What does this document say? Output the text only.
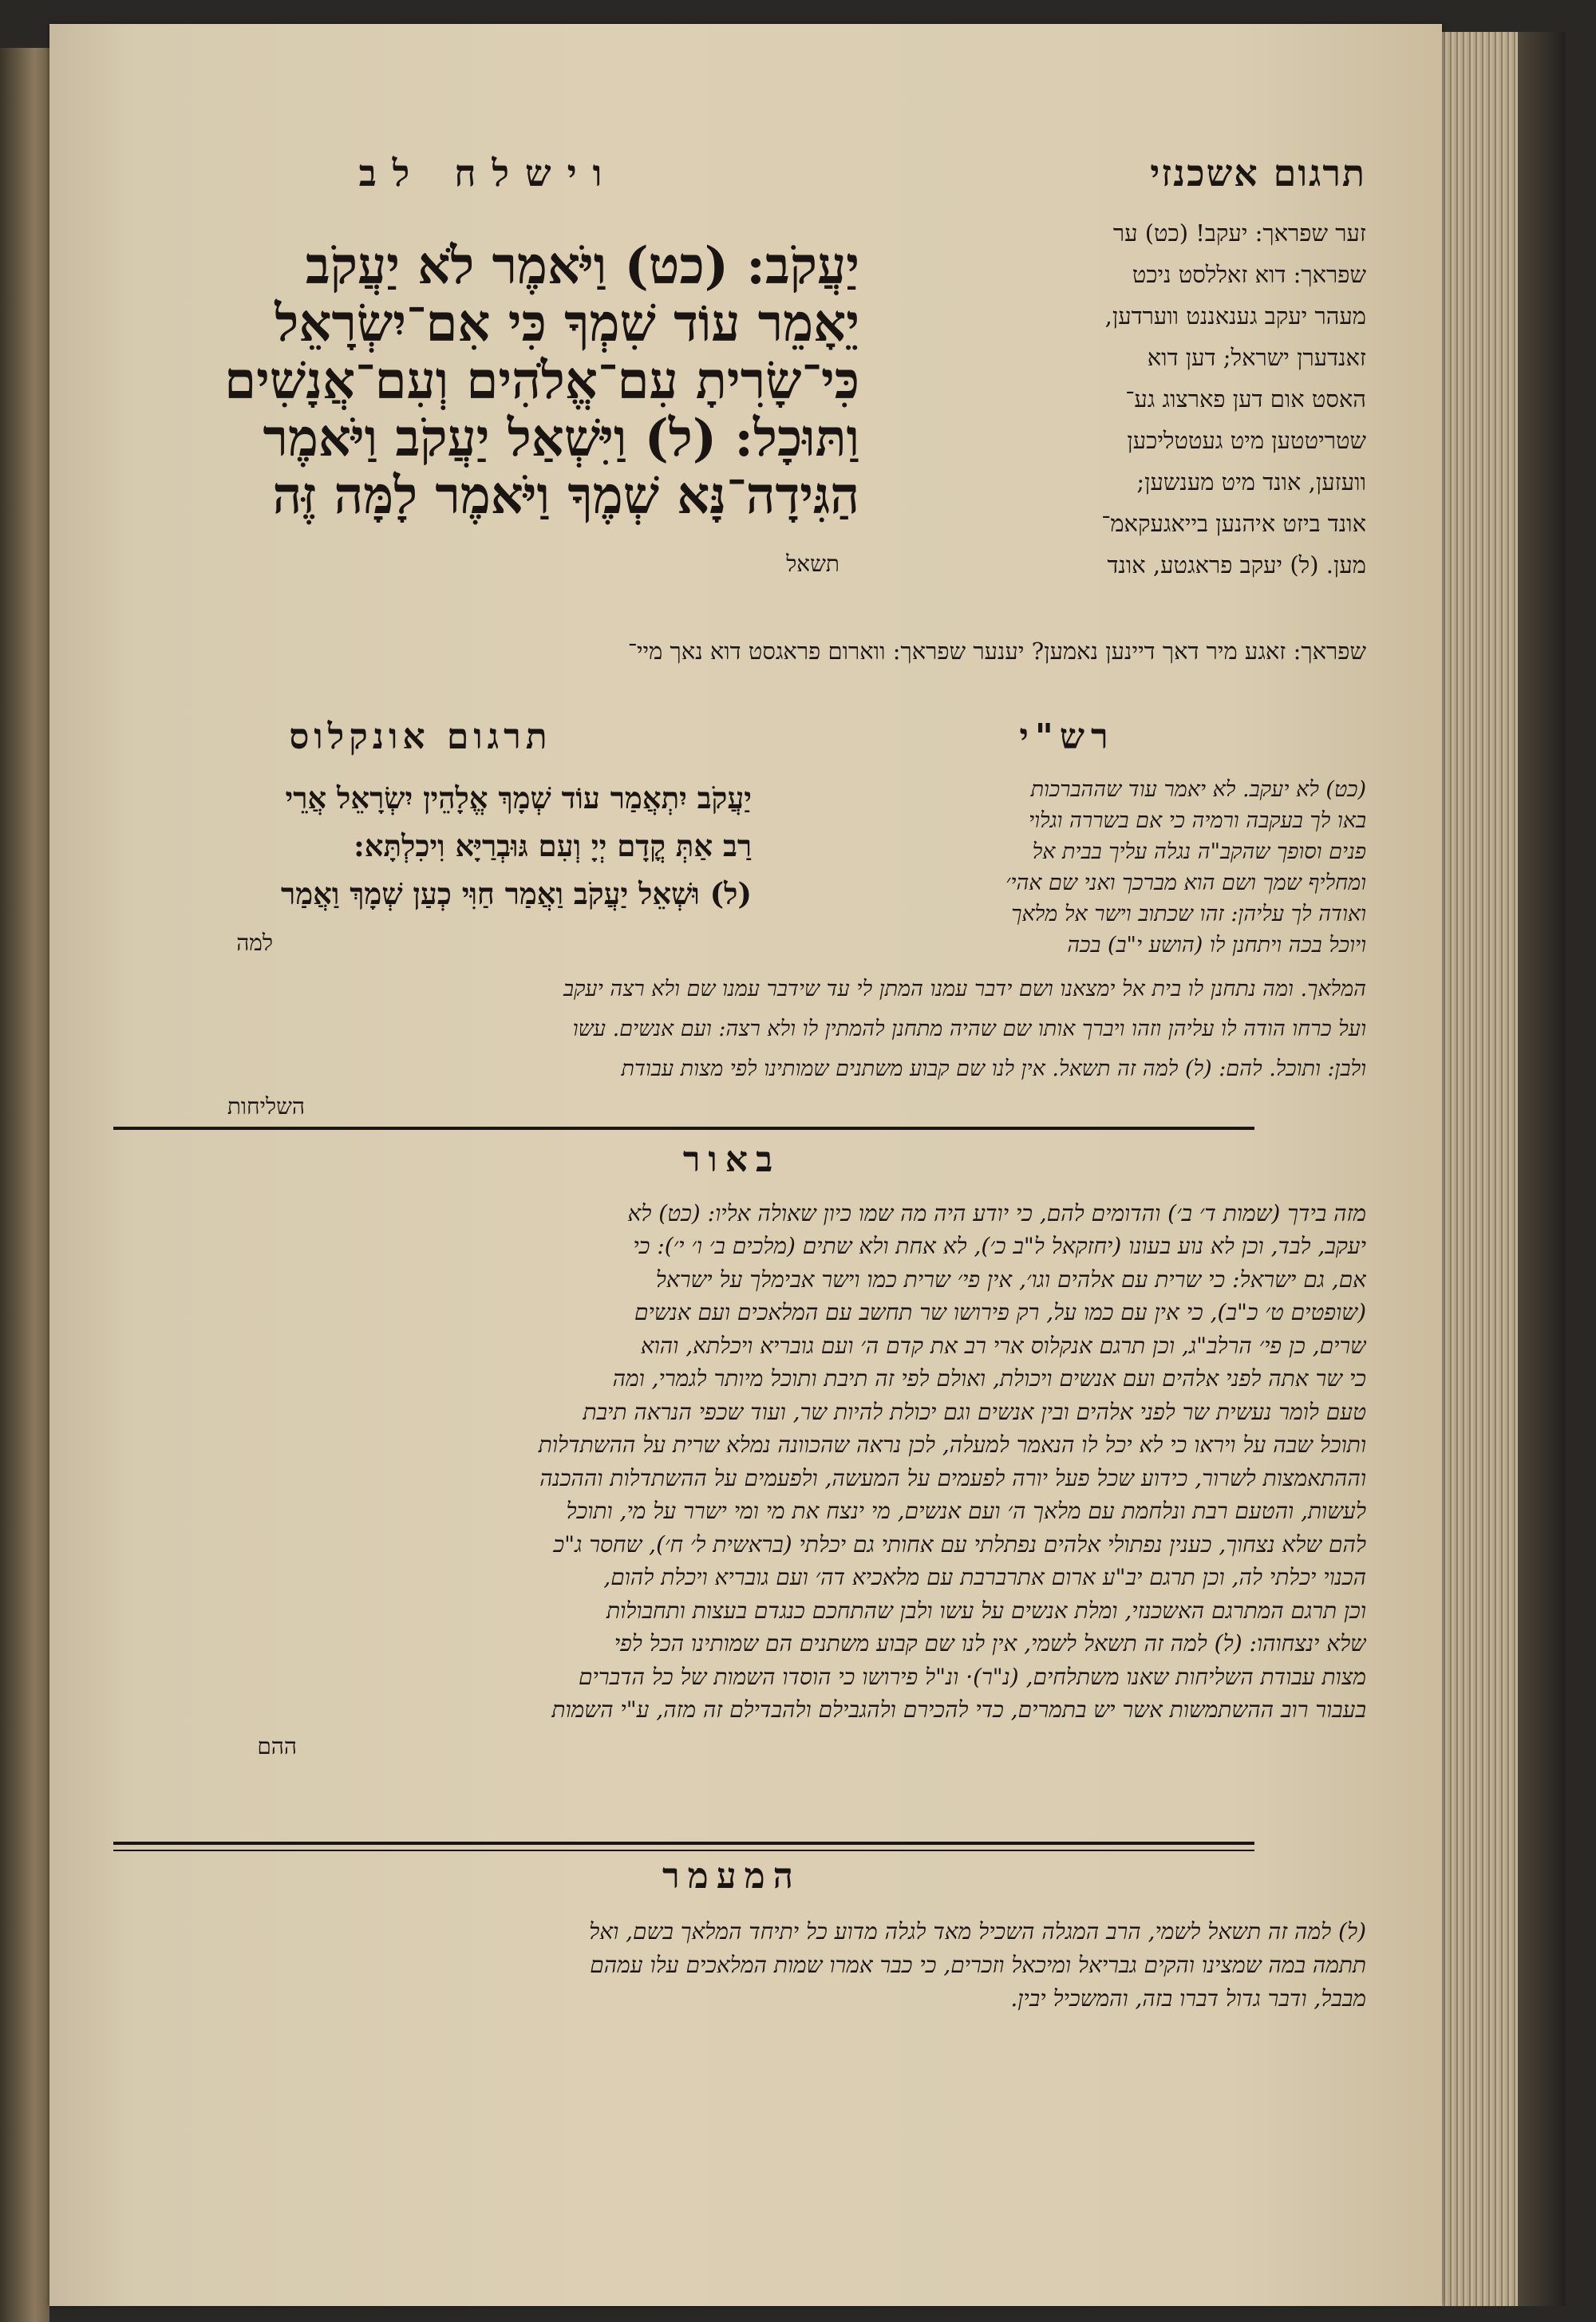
תרגום אשכנזי
וישלח לב
יַעֲקֹב: (כט) וַיֹּאמֶר לֹא יַעֲקֹב
יֵאָמֵר עוֹד שִׁמְךָ כִּי אִם־יִשְׂרָאֵל
כִּי־שָׂרִיתָ עִם־אֱלֹהִים וְעִם־אֲנָשִׁים
וַתּוּכָל: (ל) וַיִּשְׁאַל יַעֲקֹב וַיֹּאמֶר
הַגִּידָה־נָּא שְׁמֶךָ וַיֹּאמֶר לָמָּה זֶּה
תשאל
זער שפראך: יעקב! (כט) ער
שפראך: דוא זאללסט ניכט
מעהר יעקב גענאננט ווערדען,
זאנדערן ישראל; דען דוא
האסט אום דען פארצוג גע־
שטריטטען מיט געטטליכען
וועזען, אונד מיט מענשען;
אונד ביזט איהנען בייאגעקאמ־
מען. (ל) יעקב פראגטע, אונד
שפראך: זאגע מיר דאך דיינען נאמען? יענער שפראך: ווארום פראגסט דוא נאך מיי־
תרגום אונקלוס
יַעֲקֹב יִתְאֲמַר עוֹד שְׁמָךְ אֱלָהֵין יִשְׂרָאֵל אֲרֵי
רַב אַתְּ קֳדָם יְיָ וְעִם גּוּבְרַיָּא וִיכִלְתָּא:
(ל) וּשְׁאֵל יַעֲקֹב וַאֲמַר חַוִּי כְעַן שְׁמָךְ וַאֲמַר
למה
רש"י
(כט) לא יעקב. לא יאמר עוד שההברכות
באו לך בעקבה ורמיה כי אם בשררה וגלוי
פנים וסופך שהקב"ה נגלה עליך בבית אל
ומחליף שמך ושם הוא מברכך ואני שם אהי׳
ואודה לך עליהן: זהו שכתוב וישר אל מלאך
ויוכל בכה ויתחנן לו (הושע י"ב) בכה
המלאך. ומה נתחנן לו בית אל ימצאנו ושם ידבר עמנו המתן לי עד שידבר עמנו שם ולא רצה יעקב
ועל כרחו הודה לו עליהן וזהו ויברך אותו שם שהיה מתחנן להמתין לו ולא רצה: ועם אנשים. עשו
ולבן: ותוכל. להם: (ל) למה זה תשאל. אין לנו שם קבוע משתנים שמותינו לפי מצות עבודת
השליחות
באור
מזה בידך (שמות ד׳ ב׳) והדומים להם, כי יודע היה מה שמו כיון שאולה אליו: (כט) לא
יעקב, לבד, וכן לא נוע בעונו (יחזקאל ל"ב כ׳), לא אחת ולא שתים (מלכים ב׳ ו׳ י׳): כי
אם, גם ישראל: כי שרית עם אלהים וגו׳, אין פי׳ שרית כמו וישר אבימלך על ישראל
(שופטים ט׳ כ"ב), כי אין עם כמו על, רק פירושו שר תחשב עם המלאכים ועם אנשים
שרים, כן פי׳ הרלב"ג, וכן תרגם אנקלוס ארי רב את קדם ה׳ ועם גובריא ויכלתא, והוא
כי שר אתה לפני אלהים ועם אנשים ויכולת, ואולם לפי זה תיבת ותוכל מיותר לגמרי, ומה
טעם לומר נעשית שר לפני אלהים ובין אנשים וגם יכולת להיות שר, ועוד שכפי הנראה תיבת
ותוכל שבה על ויראו כי לא יכל לו הנאמר למעלה, לכן נראה שהכוונה נמלא שרית על ההשתדלות
וההתאמצות לשרור, כידוע שכל פעל יורה לפעמים על המעשה, ולפעמים על ההשתדלות וההכנה
לעשות, והטעם רבת ונלחמת עם מלאך ה׳ ועם אנשים, מי ינצח את מי ומי ישרר על מי, ותוכל
להם שלא נצחוך, כענין נפתולי אלהים נפתלתי עם אחותי גם יכלתי (בראשית ל׳ ח׳), שחסר ג"כ
הכנוי יכלתי לה, וכן תרגם יב"ע ארום אתרברבת עם מלאכיא דה׳ ועם גובריא ויכלת להום,
וכן תרגם המתרגם האשכנזי, ומלת אנשים על עשו ולבן שהתחכם כנגדם בעצות ותחבולות
שלא ינצחוהו: (ל) למה זה תשאל לשמי, אין לנו שם קבוע משתנים הם שמותינו הכל לפי
מצות עבודת השליחות שאנו משתלחים, (נ"ר)· ונ"ל פירושו כי הוסדו השמות של כל הדברים
בעבור רוב ההשתמשות אשר יש בתמרים, כדי להכירם ולהגבילם ולהבדילם זה מזה, ע"י השמות
ההם
המעמר
(ל) למה זה תשאל לשמי, הרב המגלה השכיל מאד לגלה מדוע כל יתיחד המלאך בשם, ואל
תתמה במה שמצינו והקים גבריאל ומיכאל וזכרים, כי כבר אמרו שמות המלאכים עלו עמהם
מבבל, ודבר גדול דברו בזה, והמשכיל יבין.
